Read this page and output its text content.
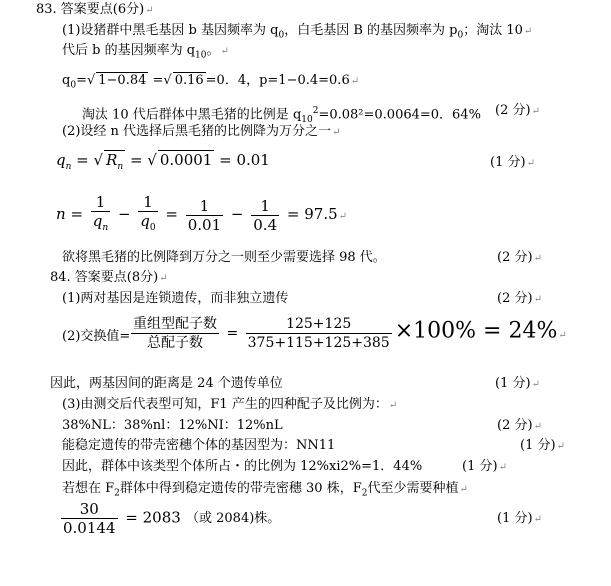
83. 答案要点(6分)↵
(1)设猪群中黑毛基因 b 基因频率为 $q_0$，白毛基因 B 的基因频率为 $p_0$；淘汰 10↵
代后 b 的基因频率为 $q_{10}$。↵
$q_0=√$ 1−0.84 =√ 0.16 =0．4，p=1−0.4=0.6↵
淘汰 10 代后群体中黑毛猪的比例是 $q_{10}^2=0.08^2=0.0064=0$．64% (2 分)↵
(2)设经 n 代选择后黑毛猪的比例降为万分之一↵
$q_n$ = √ $R_n$ = √ 0.0001 = 0.01	(1 分)↵
$n = \frac{1}{q_n} - \frac{1}{q_0} = \frac{1}{0.01} - \frac{1}{0.4}$ = 97.5↵
欲将黑毛猪的比例降到万分之一则至少需要选择 98 代。	(2 分)↵
84. 答案要点(8分)↵
(1)两对基因是连锁遗传，而非独立遗传	(2 分)↵
(2)交换值= $\frac{\text{重组型配子数}}{\text{总配子数}} = \frac{125+125}{375+115+125+385} \times 100\%$ = 24%↵
因此，两基因间的距离是 24 个遗传单位	(1 分)↵
(3)由测交后代表型可知，F1 产生的四种配子及比例为：↵
38%NL：38%nl：12%NI：12%nL	(2 分)↵
能稳定遗传的带壳密穗个体的基因型为：NN11	(1 分)↵
因此，群体中该类型个体所占・的比例为 12%xi2%=1．44%	(1 分)↵
若想在 $F_2$群体中得到稳定遗传的带壳密穗 30 株，$F_2$代至少需要种植↵
$\frac{30}{0.0144} = 2083$ （或 2084)株。	(1 分)↵
